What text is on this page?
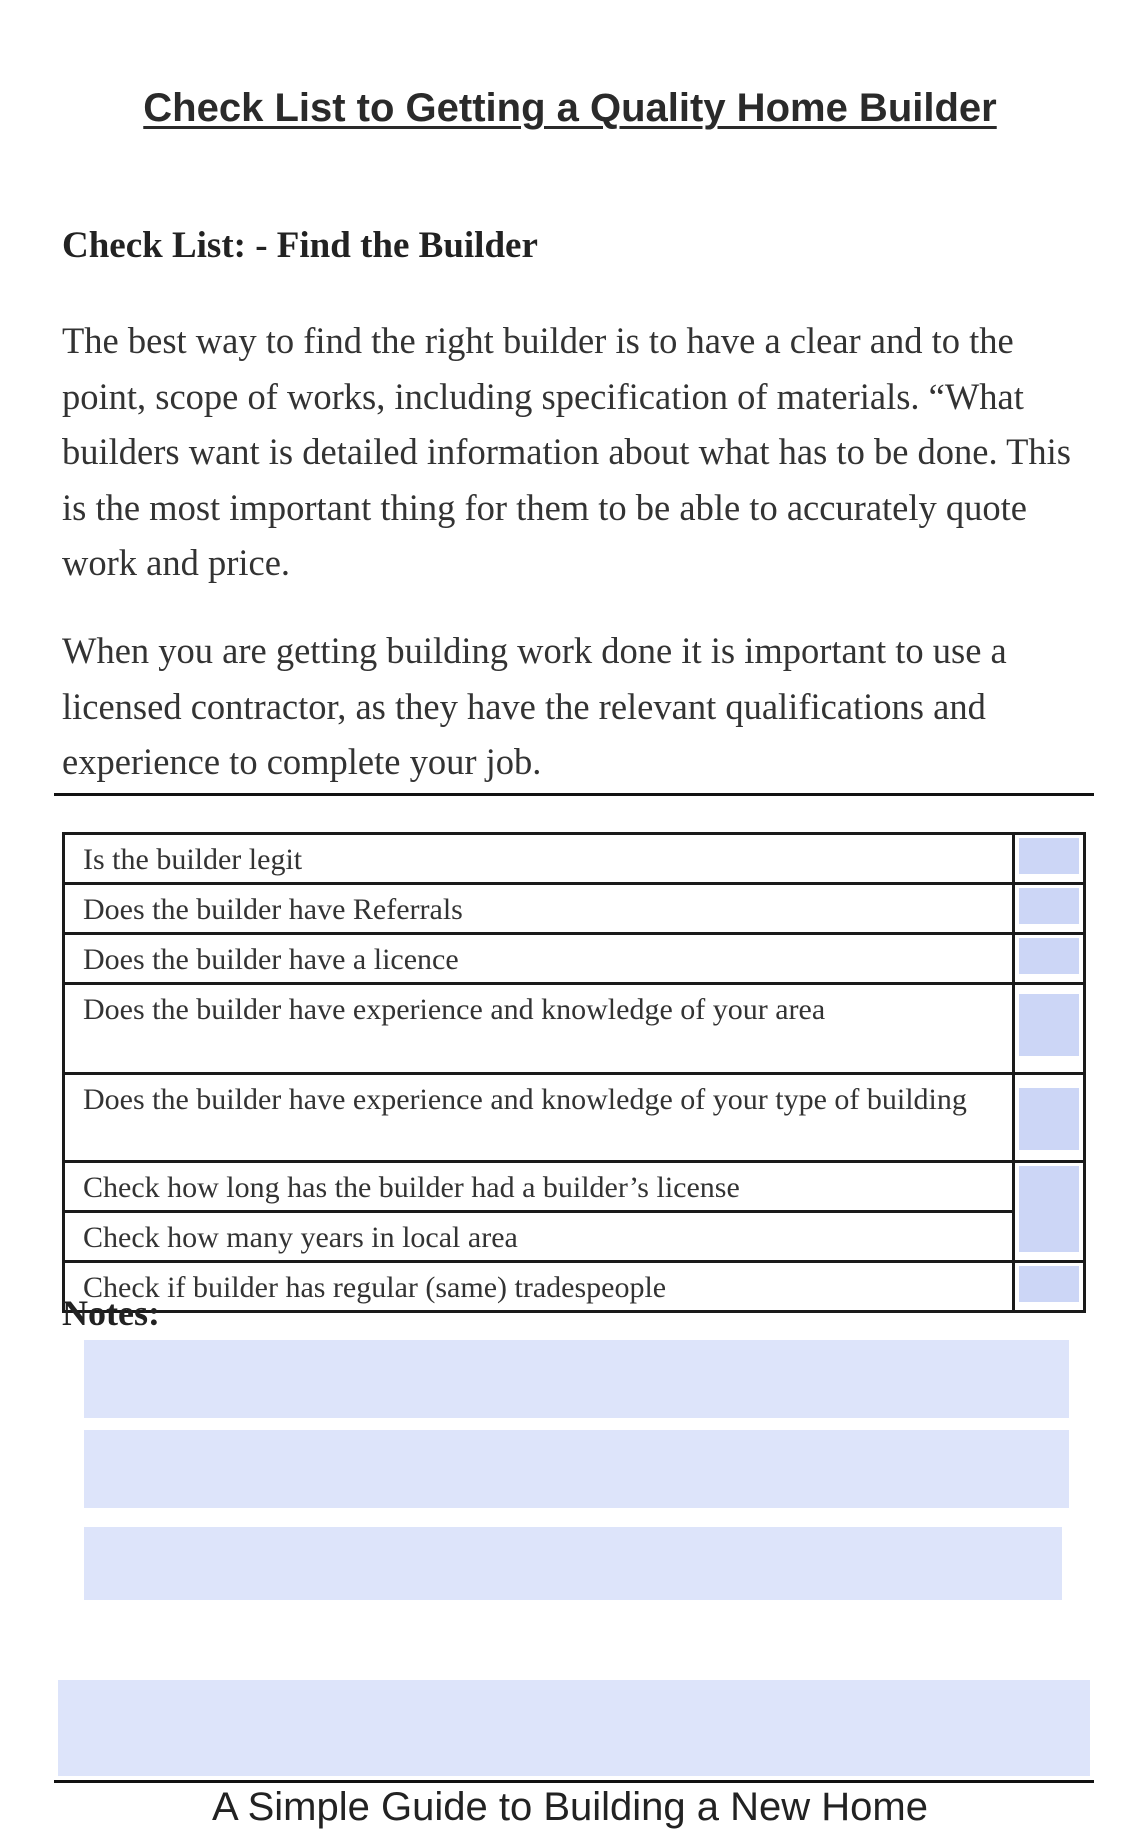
Check List to Getting a Quality Home Builder
Check List: - Find the Builder

The best way to find the right builder is to have a clear and to the point, scope of works, including specification of materials. “What builders want is detailed information about what has to be done. This is the most important thing for them to be able to accurately quote work and price.

When you are getting building work done it is important to use a licensed contractor, as they have the relevant qualifications and experience to complete your job.

Is the builder legit	

Does the builder have Referrals	

Does the builder have a licence	

Does the builder have experience and knowledge of your area	

Does the builder have experience and knowledge of your type of building	

Check how long has the builder had a builder’s license	

Check how many years in local area	
Check if builder has regular (same) tradespeople	
Notes:
A Simple Guide to Building a New Home
